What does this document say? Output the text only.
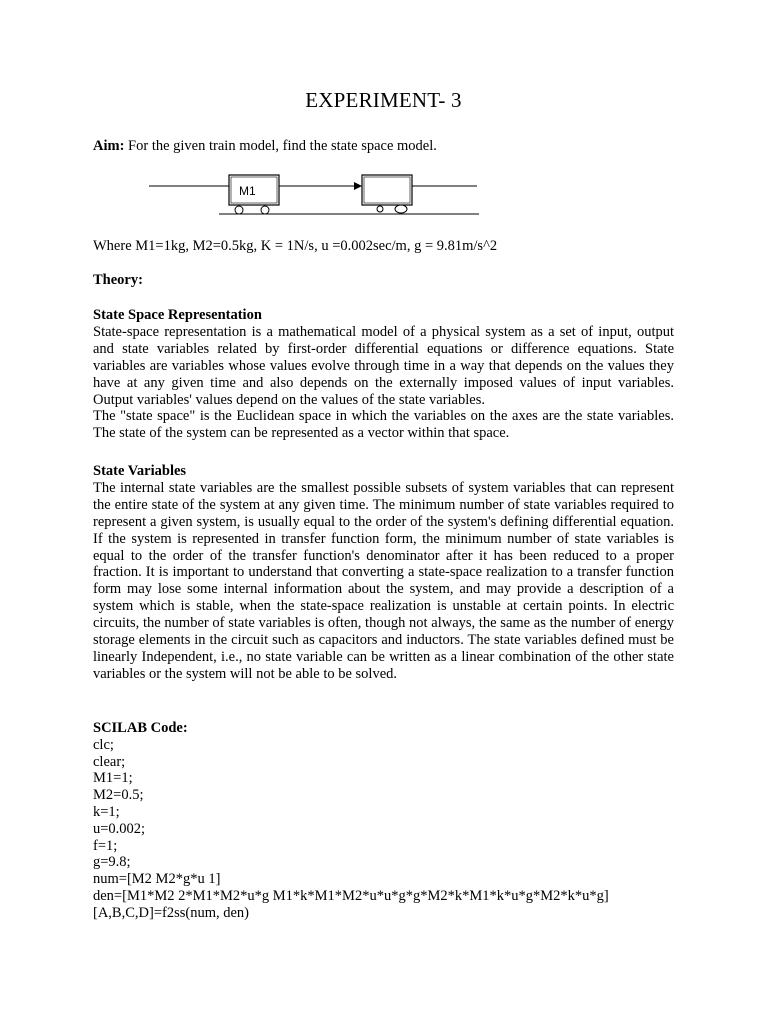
EXPERIMENT- 3
Aim: For the given train model, find the state space model.
M1
Where M1=1kg, M2=0.5kg, K = 1N/s, u =0.002sec/m, g = 9.81m/s^2
Theory:
State Space Representation

State-space representation is a mathematical model of a physical system as a set of input, output and state variables related by first-order differential equations or difference equations. State variables are variables whose values evolve through time in a way that depends on the values they have at any given time and also depends on the externally imposed values of input variables. Output variables' values depend on the values of the state variables.

The "state space" is the Euclidean space in which the variables on the axes are the state variables. The state of the system can be represented as a vector within that space.

State Variables

The internal state variables are the smallest possible subsets of system variables that can represent the entire state of the system at any given time. The minimum number of state variables required to represent a given system, is usually equal to the order of the system's defining differential equation. If the system is represented in transfer function form, the minimum number of state variables is equal to the order of the transfer function's denominator after it has been reduced to a proper fraction. It is important to understand that converting a state-space realization to a transfer function form may lose some internal information about the system, and may provide a description of a system which is stable, when the state-space realization is unstable at certain points. In electric circuits, the number of state variables is often, though not always, the same as the number of energy storage elements in the circuit such as capacitors and inductors. The state variables defined must be linearly Independent, i.e., no state variable can be written as a linear combination of the other state variables or the system will not be able to be solved.

SCILAB Code:
clc;
clear;
M1=1;
M2=0.5;
k=1;
u=0.002;
f=1;
g=9.8;
num=[M2 M2*g*u 1]
den=[M1*M2 2*M1*M2*u*g M1*k*M1*M2*u*u*g*g*M2*k*M1*k*u*g*M2*k*u*g]
[A,B,C,D]=f2ss(num, den)
